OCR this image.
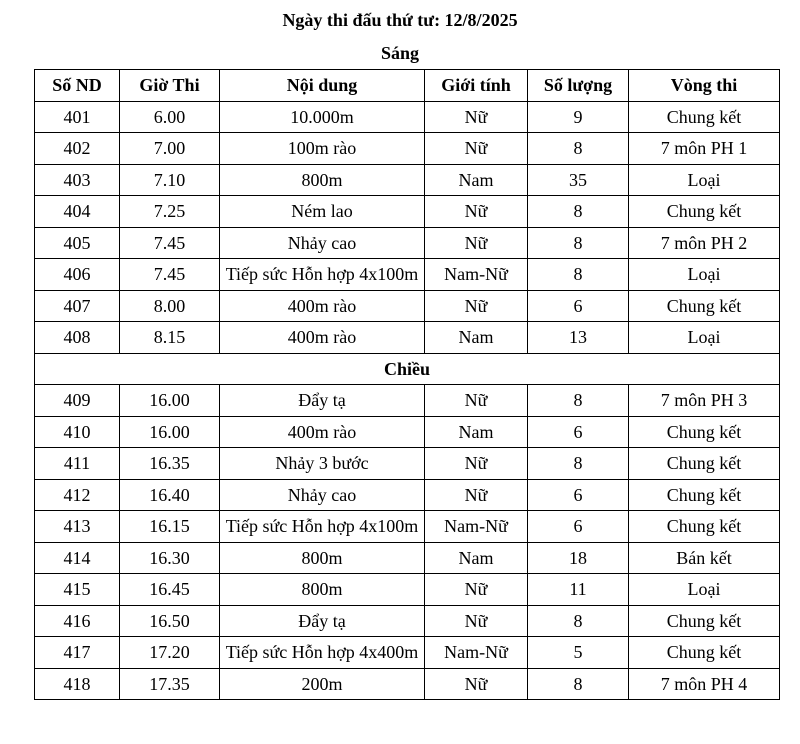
Ngày thi đấu thứ tư: 12/8/2025
Sáng
Số ND	Giờ Thi	Nội dung	Giới tính	Số lượng	Vòng thi
401	6.00	10.000m	Nữ	9	Chung kết
402	7.00	100m rào	Nữ	8	7 môn PH 1
403	7.10	800m	Nam	35	Loại
404	7.25	Ném lao	Nữ	8	Chung kết
405	7.45	Nhảy cao	Nữ	8	7 môn PH 2
406	7.45	Tiếp sức Hỗn hợp 4x100m	Nam-Nữ	8	Loại
407	8.00	400m rào	Nữ	6	Chung kết
408	8.15	400m rào	Nam	13	Loại
Chiều					
409	16.00	Đẩy tạ	Nữ	8	7 môn PH 3
410	16.00	400m rào	Nam	6	Chung kết
411	16.35	Nhảy 3 bước	Nữ	8	Chung kết
412	16.40	Nhảy cao	Nữ	6	Chung kết
413	16.15	Tiếp sức Hỗn hợp 4x100m	Nam-Nữ	6	Chung kết
414	16.30	800m	Nam	18	Bán kết
415	16.45	800m	Nữ	11	Loại
416	16.50	Đẩy tạ	Nữ	8	Chung kết
417	17.20	Tiếp sức Hỗn hợp 4x400m	Nam-Nữ	5	Chung kết
418	17.35	200m	Nữ	8	7 môn PH 4
